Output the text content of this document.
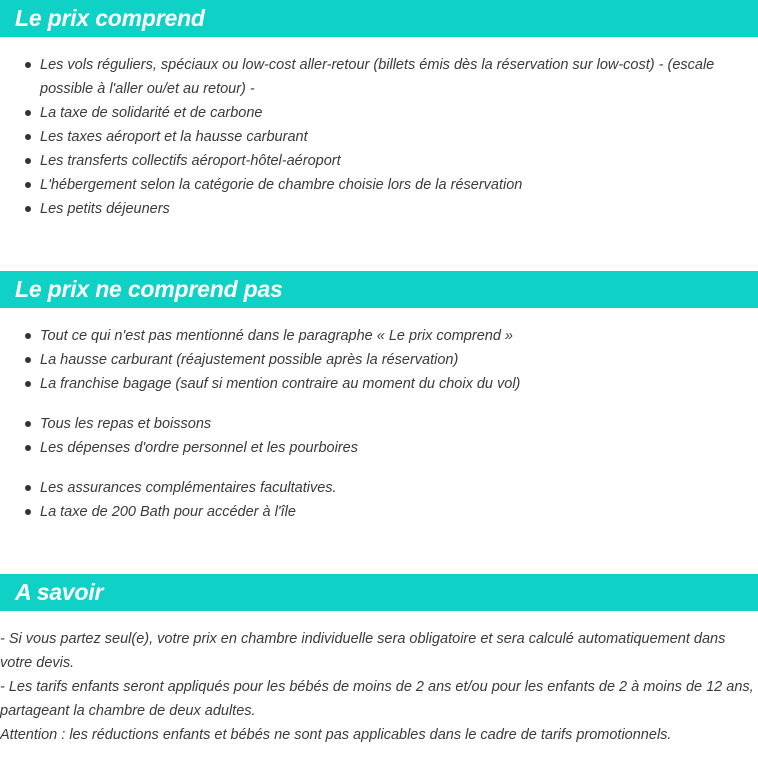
Le prix comprend
Les vols réguliers, spéciaux ou low-cost aller-retour (billets émis dès la réservation sur low-cost) - (escale possible à l'aller ou/et au retour) -
La taxe de solidarité et de carbone
Les taxes aéroport et la hausse carburant
Les transferts collectifs aéroport-hôtel-aéroport
L'hébergement selon la catégorie de chambre choisie lors de la réservation
Les petits déjeuners
Le prix ne comprend pas
Tout ce qui n'est pas mentionné dans le paragraphe « Le prix comprend »
La hausse carburant (réajustement possible après la réservation)
La franchise bagage (sauf si mention contraire au moment du choix du vol)
Tous les repas et boissons
Les dépenses d'ordre personnel et les pourboires
Les assurances complémentaires facultatives.
La taxe de 200 Bath pour accéder à l'île
A savoir

- Si vous partez seul(e), votre prix en chambre individuelle sera obligatoire et sera calculé automatiquement dans votre devis.

- Les tarifs enfants seront appliqués pour les bébés de moins de 2 ans et/ou pour les enfants de 2 à moins de 12 ans, partageant la chambre de deux adultes.

Attention : les réductions enfants et bébés ne sont pas applicables dans le cadre de tarifs promotionnels.
